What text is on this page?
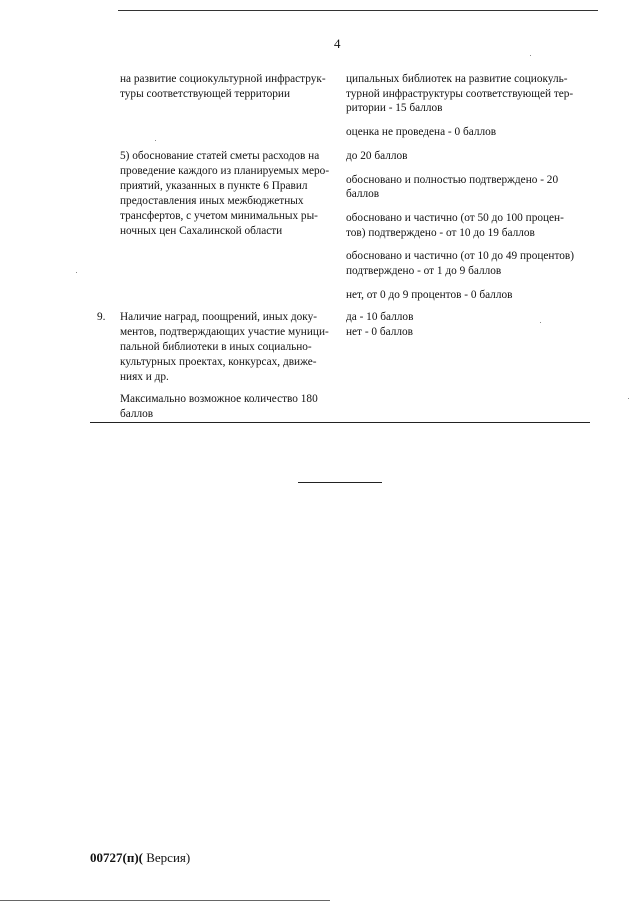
4
на развитие социокультурной инфраструк-
туры соответствующей территории
ципальных библиотек на развитие социокуль-
турной инфраструктуры соответствующей тер-
ритории - 15 баллов
оценка не проведена - 0 баллов
5) обоснование статей сметы расходов на
проведение каждого из планируемых меро-
приятий, указанных в пункте 6 Правил
предоставления иных межбюджетных
трансфертов, с учетом минимальных ры-
ночных цен Сахалинской области
до 20 баллов
обосновано и полностью подтверждено - 20
баллов
обосновано и частично (от 50 до 100 процен-
тов) подтверждено - от 10 до 19 баллов
обосновано и частично (от 10 до 49 процентов)
подтверждено - от 1 до 9 баллов
нет, от 0 до 9 процентов - 0 баллов
9. Наличие наград, поощрений, иных доку-
ментов, подтверждающих участие муници-
пальной библиотеки в иных социально-
культурных проектах, конкурсах, движе-
ниях и др.
да - 10 баллов
нет - 0 баллов
Максимально возможное количество 180
баллов
00727(п)( Версия)
